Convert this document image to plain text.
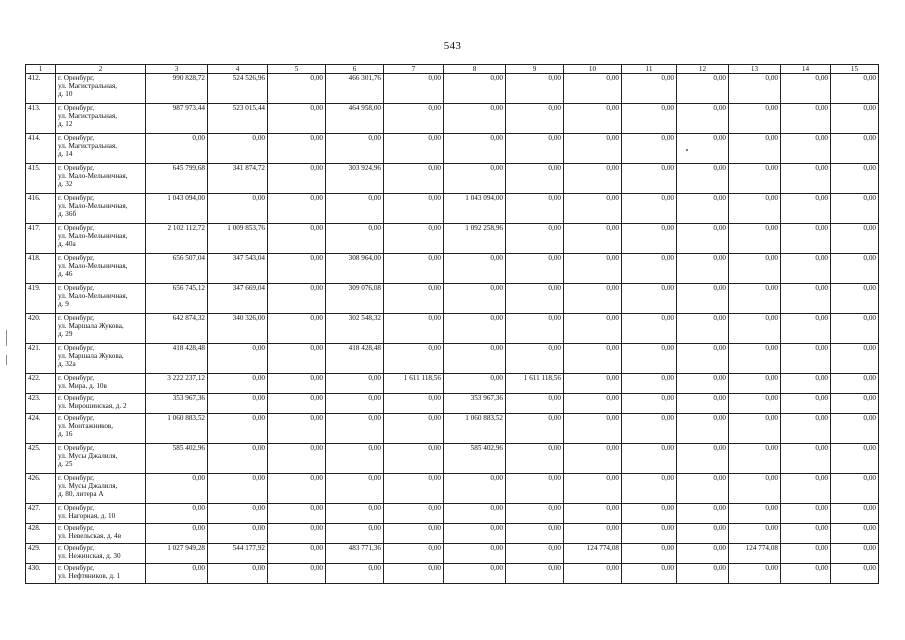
543
1	2	3	4	5	6	7	8	9	10	11	12	13	14	15
412.	г. Оренбург,
ул. Магистральная,
д. 10	990 828,72	524 526,96	0,00	466 301,76	0,00	0,00	0,00	0,00	0,00	0,00	0,00	0,00	0,00
413.	г. Оренбург,
ул. Магистральная,
д. 12	987 973,44	523 015,44	0,00	464 958,00	0,00	0,00	0,00	0,00	0,00	0,00	0,00	0,00	0,00
414.	г. Оренбург,
ул. Магистральная,
д. 14	0,00	0,00	0,00	0,00	0,00	0,00	0,00	0,00	0,00	0,00	0,00	0,00	0,00
415.	г. Оренбург,
ул. Мало-Мельничная,
д. 32	645 799,68	341 874,72	0,00	303 924,96	0,00	0,00	0,00	0,00	0,00	0,00	0,00	0,00	0,00
416.	г. Оренбург,
ул. Мало-Мельничная,
д. 36б	1 043 094,00	0,00	0,00	0,00	0,00	1 043 094,00	0,00	0,00	0,00	0,00	0,00	0,00	0,00
417.	г. Оренбург,
ул. Мало-Мельничная,
д. 40а	2 102 112,72	1 009 853,76	0,00	0,00	0,00	1 092 258,96	0,00	0,00	0,00	0,00	0,00	0,00	0,00
418.	г. Оренбург,
ул. Мало-Мельничная,
д. 46	656 507,04	347 543,04	0,00	308 964,00	0,00	0,00	0,00	0,00	0,00	0,00	0,00	0,00	0,00
419.	г. Оренбург,
ул. Мало-Мельничная,
д. 9	656 745,12	347 669,04	0,00	309 076,08	0,00	0,00	0,00	0,00	0,00	0,00	0,00	0,00	0,00
420.	г. Оренбург,
ул. Маршала Жукова,
д. 29	642 874,32	340 326,00	0,00	302 548,32	0,00	0,00	0,00	0,00	0,00	0,00	0,00	0,00	0,00
421.	г. Оренбург,
ул. Маршала Жукова,
д. 32а	418 428,48	0,00	0,00	418 428,48	0,00	0,00	0,00	0,00	0,00	0,00	0,00	0,00	0,00
422.	г. Оренбург,
ул. Мира, д. 10в	3 222 237,12	0,00	0,00	0,00	1 611 118,56	0,00	1 611 118,56	0,00	0,00	0,00	0,00	0,00	0,00
423.	г. Оренбург,
ул. Мирошинская, д. 2	353 967,36	0,00	0,00	0,00	0,00	353 967,36	0,00	0,00	0,00	0,00	0,00	0,00	0,00
424.	г. Оренбург,
ул. Монтажников,
д. 16	1 060 883,52	0,00	0,00	0,00	0,00	1 060 883,52	0,00	0,00	0,00	0,00	0,00	0,00	0,00
425.	г. Оренбург,
ул. Мусы Джалиля,
д. 25	585 402,96	0,00	0,00	0,00	0,00	585 402,96	0,00	0,00	0,00	0,00	0,00	0,00	0,00
426.	г. Оренбург,
ул. Мусы Джалиля,
д. 80, литера А	0,00	0,00	0,00	0,00	0,00	0,00	0,00	0,00	0,00	0,00	0,00	0,00	0,00
427.	г. Оренбург,
ул. Нагорная, д. 10	0,00	0,00	0,00	0,00	0,00	0,00	0,00	0,00	0,00	0,00	0,00	0,00	0,00
428.	г. Оренбург,
ул. Невельская, д. 4в	0,00	0,00	0,00	0,00	0,00	0,00	0,00	0,00	0,00	0,00	0,00	0,00	0,00
429.	г. Оренбург,
ул. Нежинская, д. 30	1 027 949,28	544 177,92	0,00	483 771,36	0,00	0,00	0,00	124 774,08	0,00	0,00	124 774,08	0,00	0,00
430.	г. Оренбург,
ул. Нефтяников, д. 1	0,00	0,00	0,00	0,00	0,00	0,00	0,00	0,00	0,00	0,00	0,00	0,00	0,00
